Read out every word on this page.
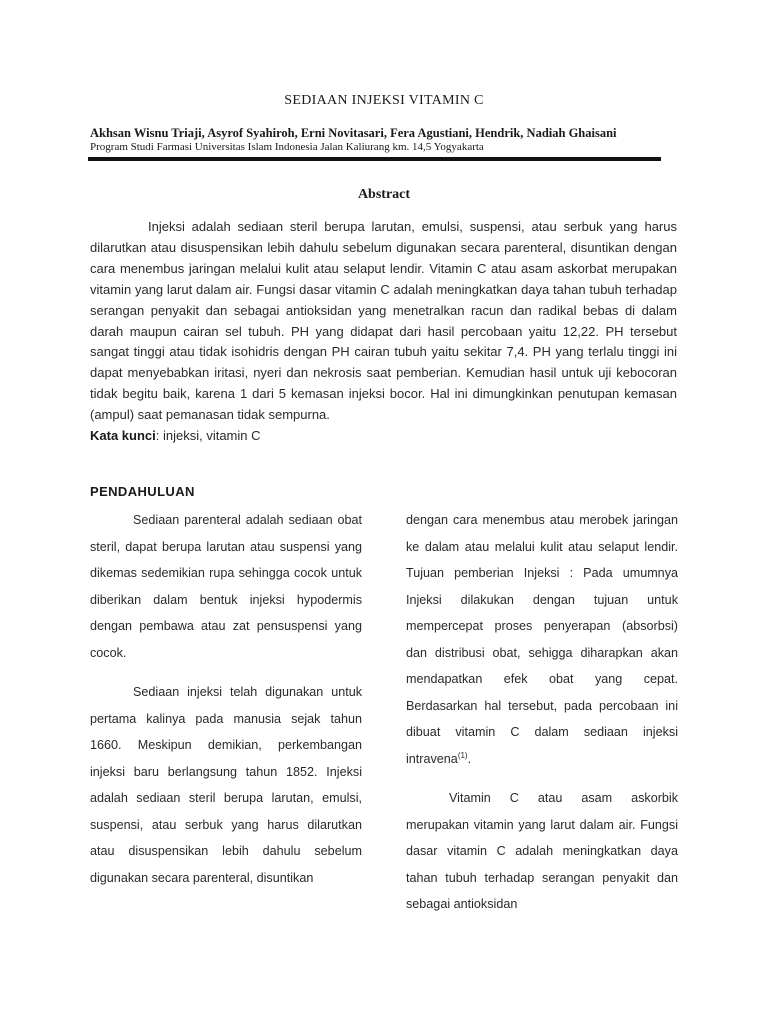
SEDIAAN INJEKSI VITAMIN C
Akhsan Wisnu Triaji, Asyrof Syahiroh, Erni Novitasari, Fera Agustiani, Hendrik, Nadiah Ghaisani
Program Studi Farmasi Universitas Islam Indonesia Jalan Kaliurang km. 14,5 Yogyakarta
Abstract
Injeksi adalah sediaan steril berupa larutan, emulsi, suspensi, atau serbuk yang harus dilarutkan atau disuspensikan lebih dahulu sebelum digunakan secara parenteral, disuntikan dengan cara menembus jaringan melalui kulit atau selaput lendir. Vitamin C atau asam askorbat merupakan vitamin yang larut dalam air. Fungsi dasar vitamin C adalah meningkatkan daya tahan tubuh terhadap serangan penyakit dan sebagai antioksidan yang menetralkan racun dan radikal bebas di dalam darah maupun cairan sel tubuh. PH yang didapat dari hasil percobaan yaitu 12,22. PH tersebut sangat tinggi atau tidak isohidris dengan PH cairan tubuh yaitu sekitar 7,4. PH yang terlalu tinggi ini dapat menyebabkan iritasi, nyeri dan nekrosis saat pemberian. Kemudian hasil untuk uji kebocoran tidak begitu baik, karena 1 dari 5 kemasan injeksi bocor. Hal ini dimungkinkan penutupan kemasan (ampul) saat pemanasan tidak sempurna.
Kata kunci: injeksi, vitamin C
PENDAHULUAN

Sediaan parenteral adalah sediaan obat steril, dapat berupa larutan atau suspensi yang dikemas sedemikian rupa sehingga cocok untuk diberikan dalam bentuk injeksi hypodermis dengan pembawa atau zat pensuspensi yang cocok.

Sediaan injeksi telah digunakan untuk pertama kalinya pada manusia sejak tahun 1660. Meskipun demikian, perkembangan injeksi baru berlangsung tahun 1852. Injeksi adalah sediaan steril berupa larutan, emulsi, suspensi, atau serbuk yang harus dilarutkan atau disuspensikan lebih dahulu sebelum digunakan secara parenteral, disuntikan

dengan cara menembus atau merobek jaringan ke dalam atau melalui kulit atau selaput lendir. Tujuan pemberian Injeksi : Pada umumnya Injeksi dilakukan dengan tujuan untuk mempercepat proses penyerapan (absorbsi) dan distribusi obat, sehigga diharapkan akan mendapatkan efek obat yang cepat. Berdasarkan hal tersebut, pada percobaan ini dibuat vitamin C dalam sediaan injeksi intravena$^{(1)}$.

Vitamin C atau asam askorbik merupakan vitamin yang larut dalam air. Fungsi dasar vitamin C adalah meningkatkan daya tahan tubuh terhadap serangan penyakit dan sebagai antioksidan
